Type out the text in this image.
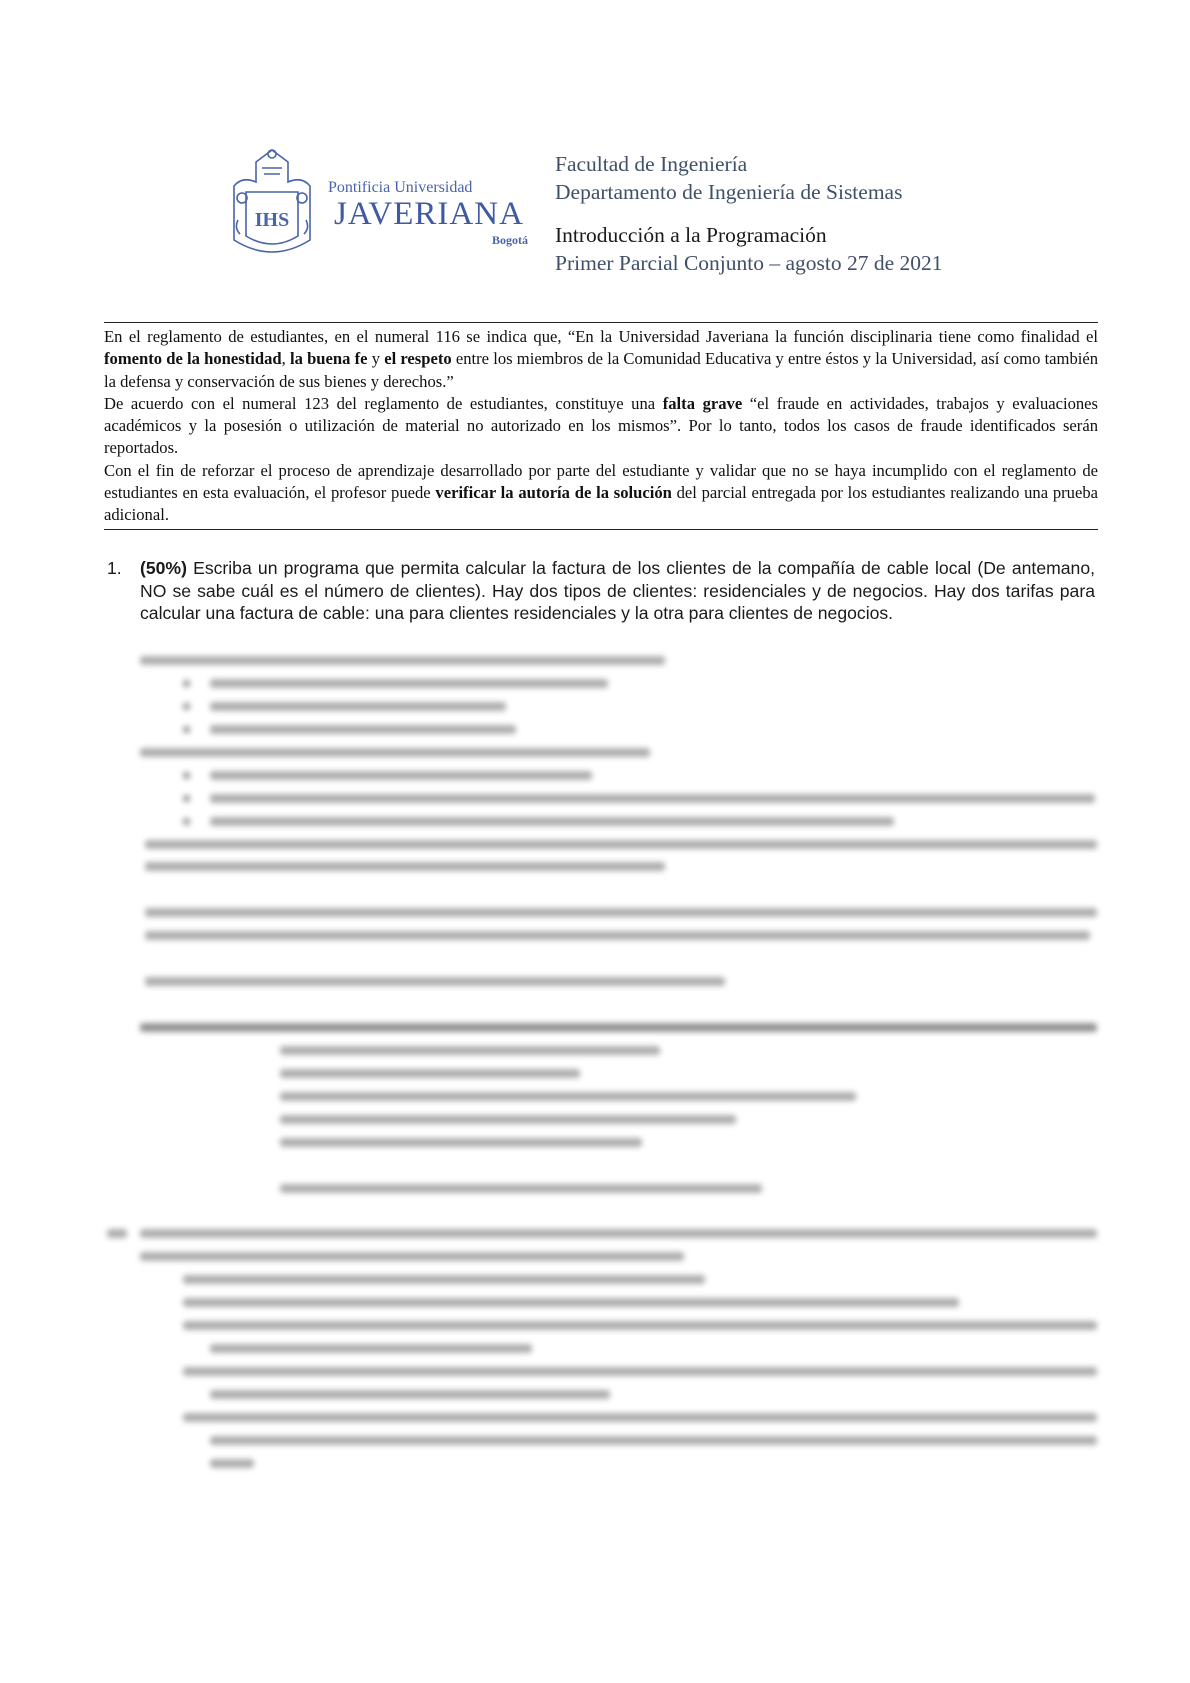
IHS
Pontificia Universidad
JAVERIANA
Bogotá
Facultad de Ingeniería
Departamento de Ingeniería de Sistemas
Introducción a la Programación
Primer Parcial Conjunto – agosto 27 de 2021

En el reglamento de estudiantes, en el numeral 116 se indica que, “En la Universidad Javeriana la función disciplinaria tiene como finalidad el fomento de la honestidad, la buena fe y el respeto entre los miembros de la Comunidad Educativa y entre éstos y la Universidad, así como también la defensa y conservación de sus bienes y derechos.”

De acuerdo con el numeral 123 del reglamento de estudiantes, constituye una falta grave “el fraude en actividades, trabajos y evaluaciones académicos y la posesión o utilización de material no autorizado en los mismos”. Por lo tanto, todos los casos de fraude identificados serán reportados.

Con el fin de reforzar el proceso de aprendizaje desarrollado por parte del estudiante y validar que no se haya incumplido con el reglamento de estudiantes en esta evaluación, el profesor puede verificar la autoría de la solución del parcial entregada por los estudiantes realizando una prueba adicional.

1. (50%) Escriba un programa que permita calcular la factura de los clientes de la compañía de cable local (De antemano, NO se sabe cuál es el número de clientes). Hay dos tipos de clientes: residenciales y de negocios. Hay dos tarifas para calcular una factura de cable: una para clientes residenciales y la otra para clientes de negocios.
